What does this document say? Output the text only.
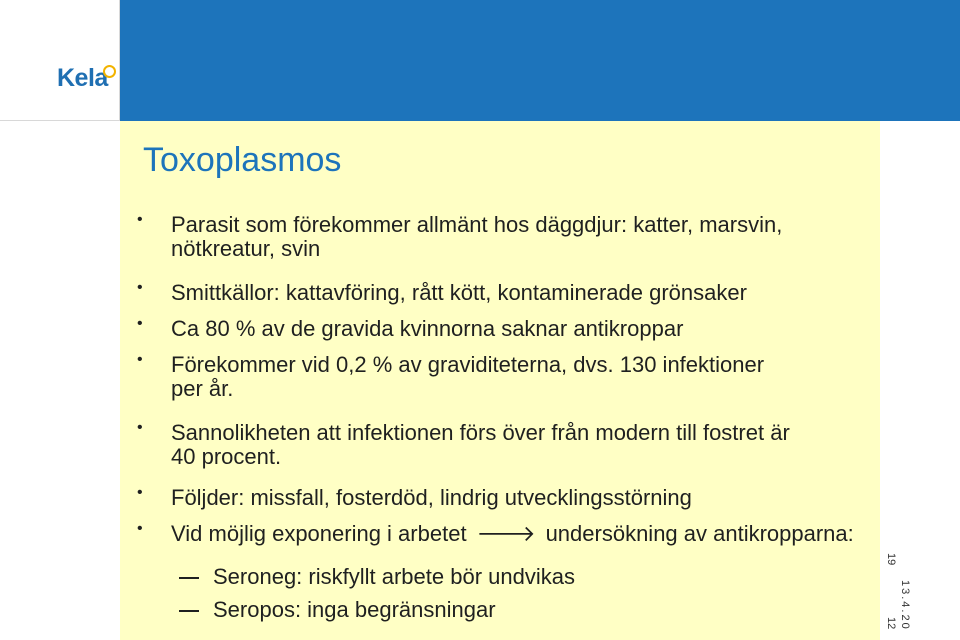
Kela
Toxoplasmos
• Parasit som förekommer allmänt hos däggdjur: katter, marsvin,
nötkreatur, svin
• Smittkällor: kattavföring, rått kött, kontaminerade grönsaker
• Ca 80 % av de gravida kvinnorna saknar antikroppar
• Förekommer vid 0,2 % av graviditeterna, dvs. 130 infektioner
per år.
• Sannolikheten att infektionen förs över från modern till fostret är
40 procent.
• Följder: missfall, fosterdöd, lindrig utvecklingsstörning
• Vid möjlig exponering i arbetet 🡒 undersökning av antikropparna:
Seroneg: riskfyllt arbete bör undvikas
Seropos: inga begränsningar
19
13.4.20
12
